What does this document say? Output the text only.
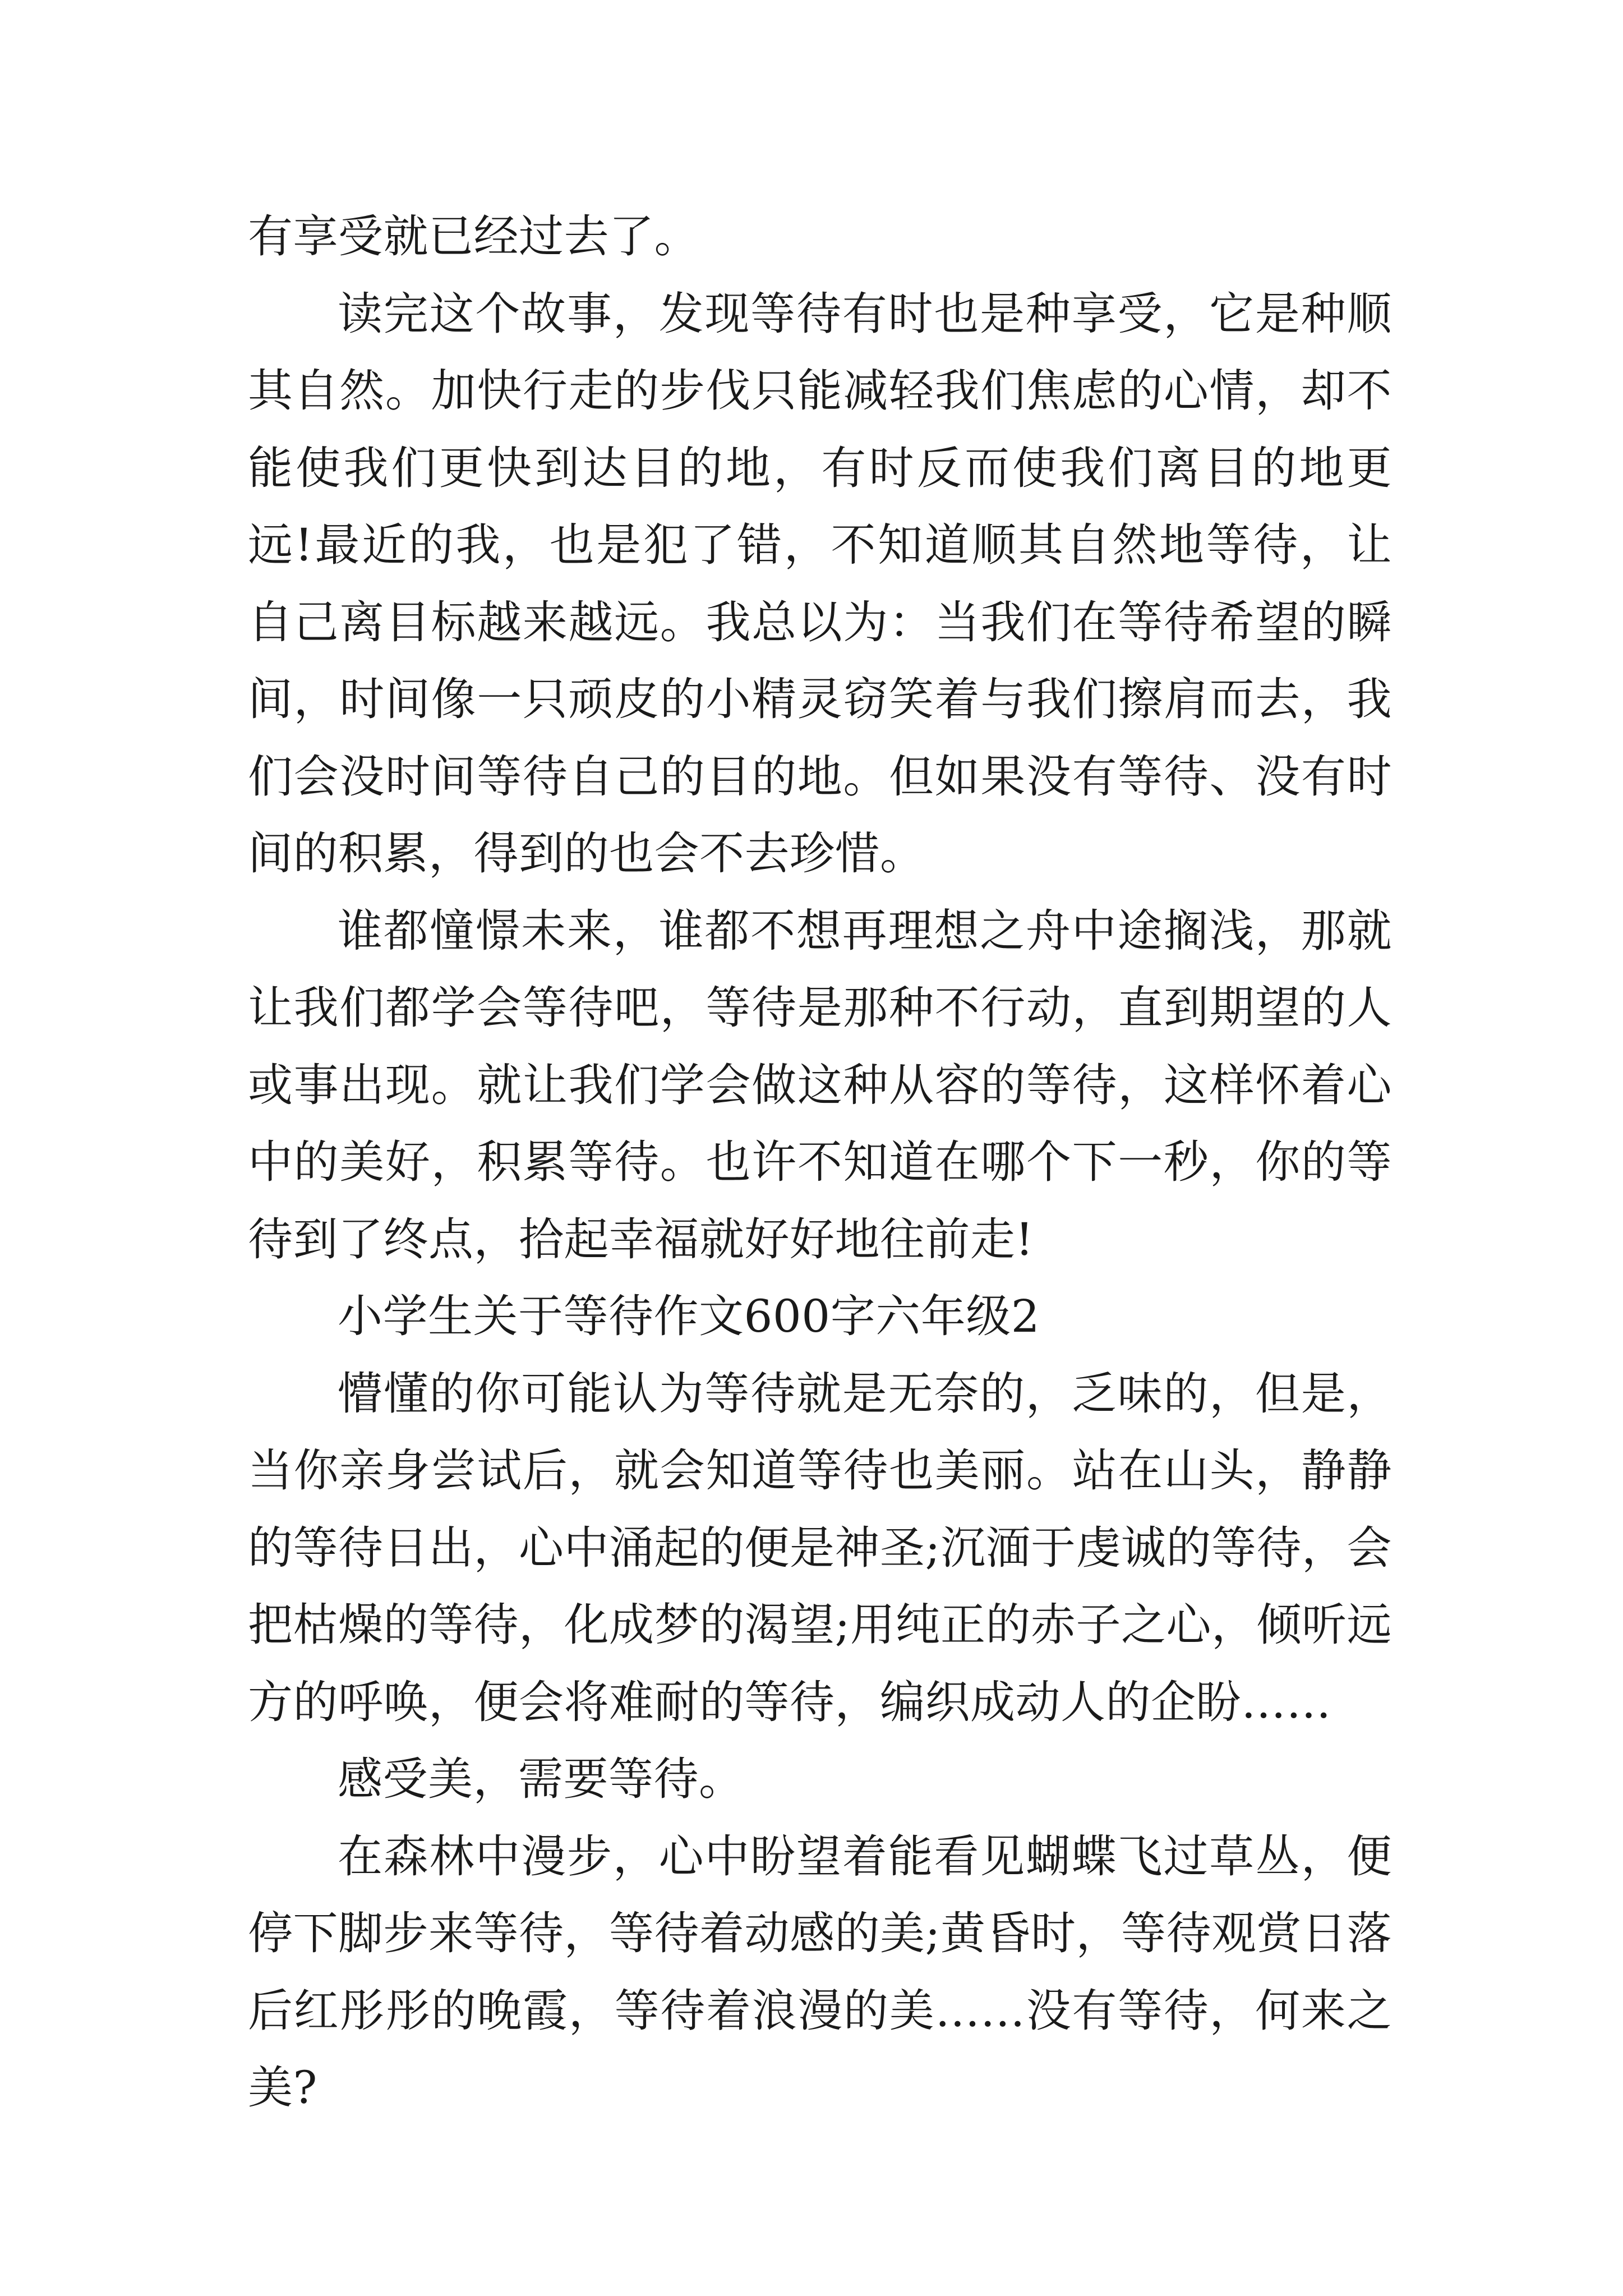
有享受就已经过去了。

读完这个故事，发现等待有时也是种享受，它是种顺其自然。加快行走的步伐只能减轻我们焦虑的心情，却不能使我们更快到达目的地，有时反而使我们离目的地更远!最近的我，也是犯了错，不知道顺其自然地等待，让自己离目标越来越远。我总以为：当我们在等待希望的瞬间，时间像一只顽皮的小精灵窃笑着与我们擦肩而去，我们会没时间等待自己的目的地。但如果没有等待、没有时间的积累，得到的也会不去珍惜。

谁都憧憬未来，谁都不想再理想之舟中途搁浅，那就让我们都学会等待吧，等待是那种不行动，直到期望的人或事出现。就让我们学会做这种从容的等待，这样怀着心中的美好，积累等待。也许不知道在哪个下一秒，你的等待到了终点，拾起幸福就好好地往前走!

小学生关于等待作文600字六年级2

懵懂的你可能认为等待就是无奈的，乏味的，但是，当你亲身尝试后，就会知道等待也美丽。站在山头，静静的等待日出，心中涌起的便是神圣;沉湎于虔诚的等待，会把枯燥的等待，化成梦的渴望;用纯正的赤子之心，倾听远方的呼唤，便会将难耐的等待，编织成动人的企盼……

感受美，需要等待。

在森林中漫步，心中盼望着能看见蝴蝶飞过草丛，便停下脚步来等待，等待着动感的美;黄昏时，等待观赏日落后红彤彤的晚霞，等待着浪漫的美……没有等待，何来之美?
